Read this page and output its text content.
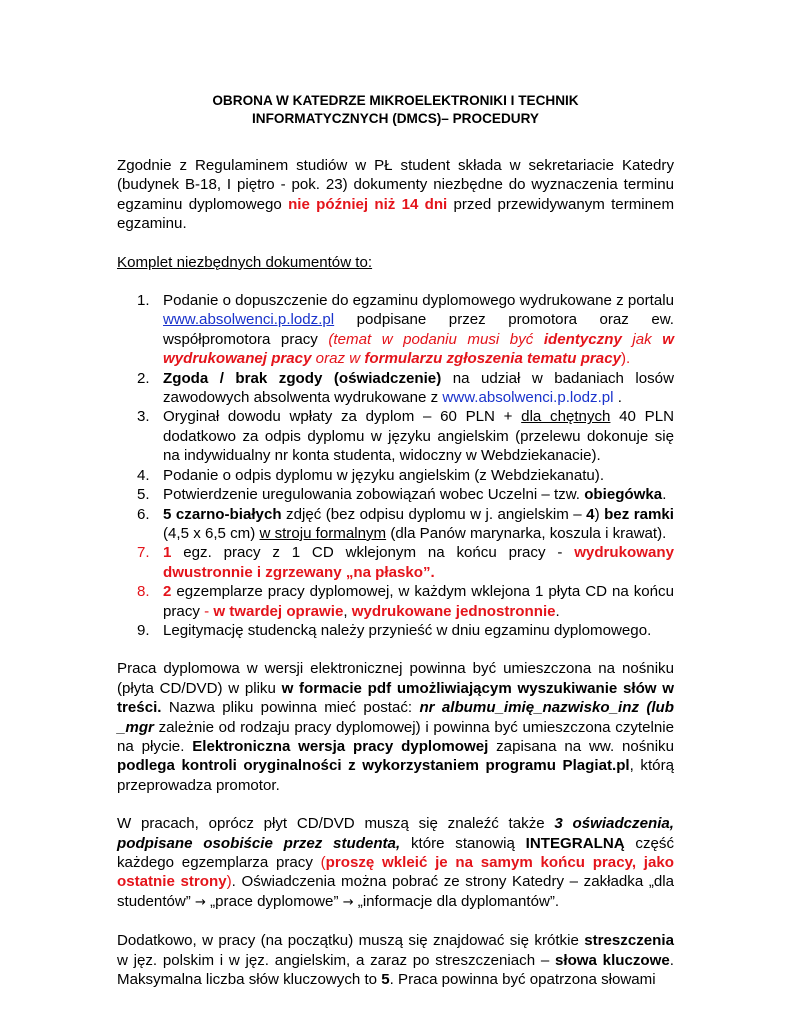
OBRONA W KATEDRZE MIKROELEKTRONIKI I TECHNIK
INFORMATYCZNYCH (DMCS)– PROCEDURY

Zgodnie z Regulaminem studiów w PŁ student składa w sekretariacie Katedry (budynek B-18, I piętro - pok. 23) dokumenty niezbędne do wyznaczenia terminu egzaminu dyplomowego nie później niż 14 dni przed przewidywanym terminem egzaminu.

Komplet niezbędnych dokumentów to:

1. Podanie o dopuszczenie do egzaminu dyplomowego wydrukowane z portalu www.absolwenci.p.lodz.pl podpisane przez promotora oraz ew. współpromotora pracy (temat w podaniu musi być identyczny jak w wydrukowanej pracy oraz w formularzu zgłoszenia tematu pracy).
2. Zgoda / brak zgody (oświadczenie) na udział w badaniach losów zawodowych absolwenta wydrukowane z www.absolwenci.p.lodz.pl .
3. Oryginał dowodu wpłaty za dyplom – 60 PLN + dla chętnych 40 PLN dodatkowo za odpis dyplomu w języku angielskim (przelewu dokonuje się na indywidualny nr konta studenta, widoczny w Webdziekanacie).
4. Podanie o odpis dyplomu w języku angielskim (z Webdziekanatu).
5. Potwierdzenie uregulowania zobowiązań wobec Uczelni – tzw. obiegówka.
6. 5 czarno-białych zdjęć (bez odpisu dyplomu w j. angielskim – 4) bez ramki (4,5 x 6,5 cm) w stroju formalnym (dla Panów marynarka, koszula i krawat).
7. 1 egz. pracy z 1 CD wklejonym na końcu pracy - wydrukowany dwustronnie i zgrzewany „na płasko”.
8. 2 egzemplarze pracy dyplomowej, w każdym wklejona 1 płyta CD na końcu pracy - w twardej oprawie, wydrukowane jednostronnie.
9. Legitymację studencką należy przynieść w dniu egzaminu dyplomowego.

Praca dyplomowa w wersji elektronicznej powinna być umieszczona na nośniku (płyta CD/DVD) w pliku w formacie pdf umożliwiającym wyszukiwanie słów w treści. Nazwa pliku powinna mieć postać: nr albumu_imię_nazwisko_inz (lub _mgr zależnie od rodzaju pracy dyplomowej) i powinna być umieszczona czytelnie na płycie. Elektroniczna wersja pracy dyplomowej zapisana na ww. nośniku podlega kontroli oryginalności z wykorzystaniem programu Plagiat.pl, którą przeprowadza promotor.

W pracach, oprócz płyt CD/DVD muszą się znaleźć także 3 oświadczenia, podpisane osobiście przez studenta, które stanowią INTEGRALNĄ część każdego egzemplarza pracy (proszę wkleić je na samym końcu pracy, jako ostatnie strony). Oświadczenia można pobrać ze strony Katedry – zakładka „dla studentów” → „prace dyplomowe” → „informacje dla dyplomantów”.

Dodatkowo, w pracy (na początku) muszą się znajdować się krótkie streszczenia w jęz. polskim i w jęz. angielskim, a zaraz po streszczeniach – słowa kluczowe. Maksymalna liczba słów kluczowych to 5. Praca powinna być opatrzona słowami
